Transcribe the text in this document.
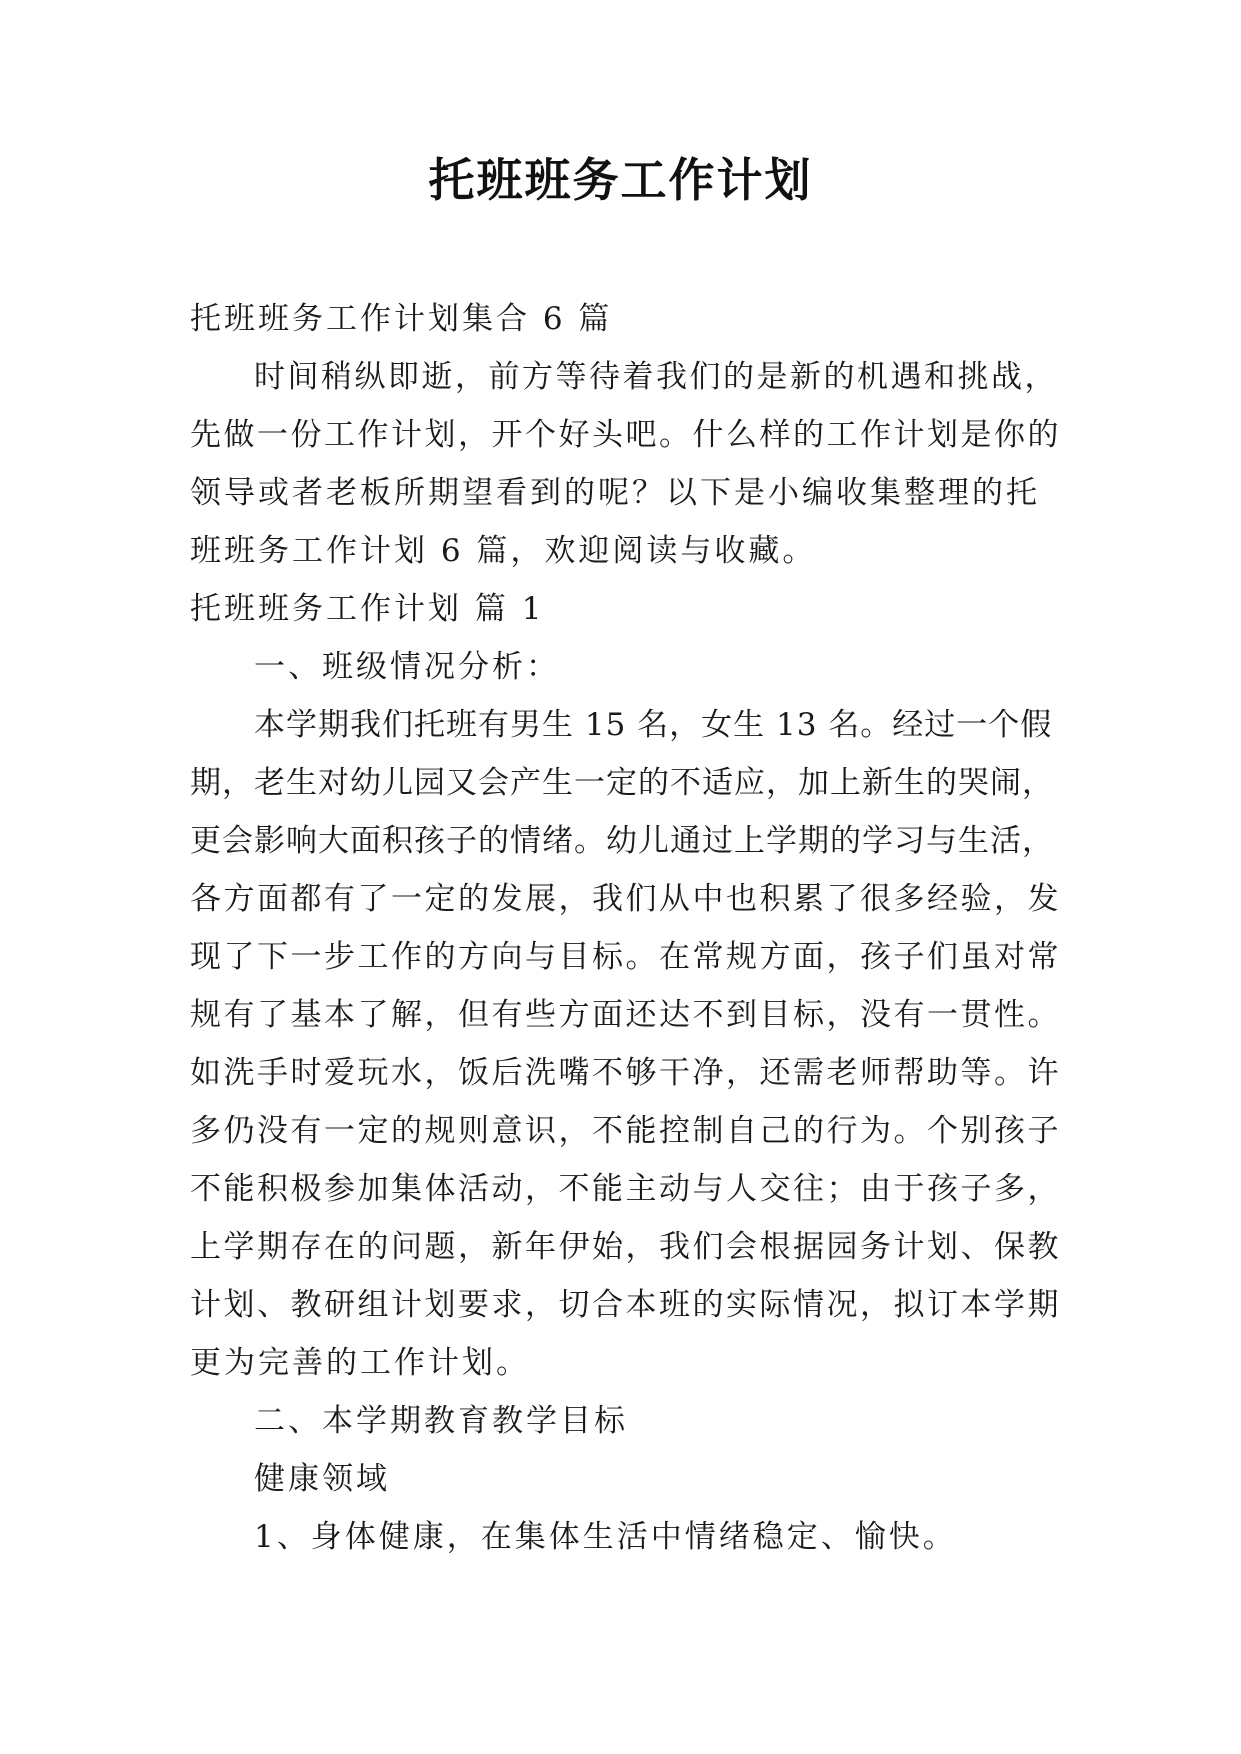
托班班务工作计划
托班班务工作计划集合 6 篇
时间稍纵即逝，前方等待着我们的是新的机遇和挑战，
先做一份工作计划，开个好头吧。什么样的工作计划是你的
领导或者老板所期望看到的呢？以下是小编收集整理的托
班班务工作计划 6 篇，欢迎阅读与收藏。
托班班务工作计划 篇 1
一、班级情况分析：
本学期我们托班有男生 15 名，女生 13 名。经过一个假
期，老生对幼儿园又会产生一定的不适应，加上新生的哭闹，
更会影响大面积孩子的情绪。幼儿通过上学期的学习与生活，
各方面都有了一定的发展，我们从中也积累了很多经验，发
现了下一步工作的方向与目标。在常规方面，孩子们虽对常
规有了基本了解，但有些方面还达不到目标，没有一贯性。
如洗手时爱玩水，饭后洗嘴不够干净，还需老师帮助等。许
多仍没有一定的规则意识，不能控制自己的行为。个别孩子
不能积极参加集体活动，不能主动与人交往；由于孩子多，
上学期存在的问题，新年伊始，我们会根据园务计划、保教
计划、教研组计划要求，切合本班的实际情况，拟订本学期
更为完善的工作计划。
二、本学期教育教学目标
健康领域
1、身体健康，在集体生活中情绪稳定、愉快。
